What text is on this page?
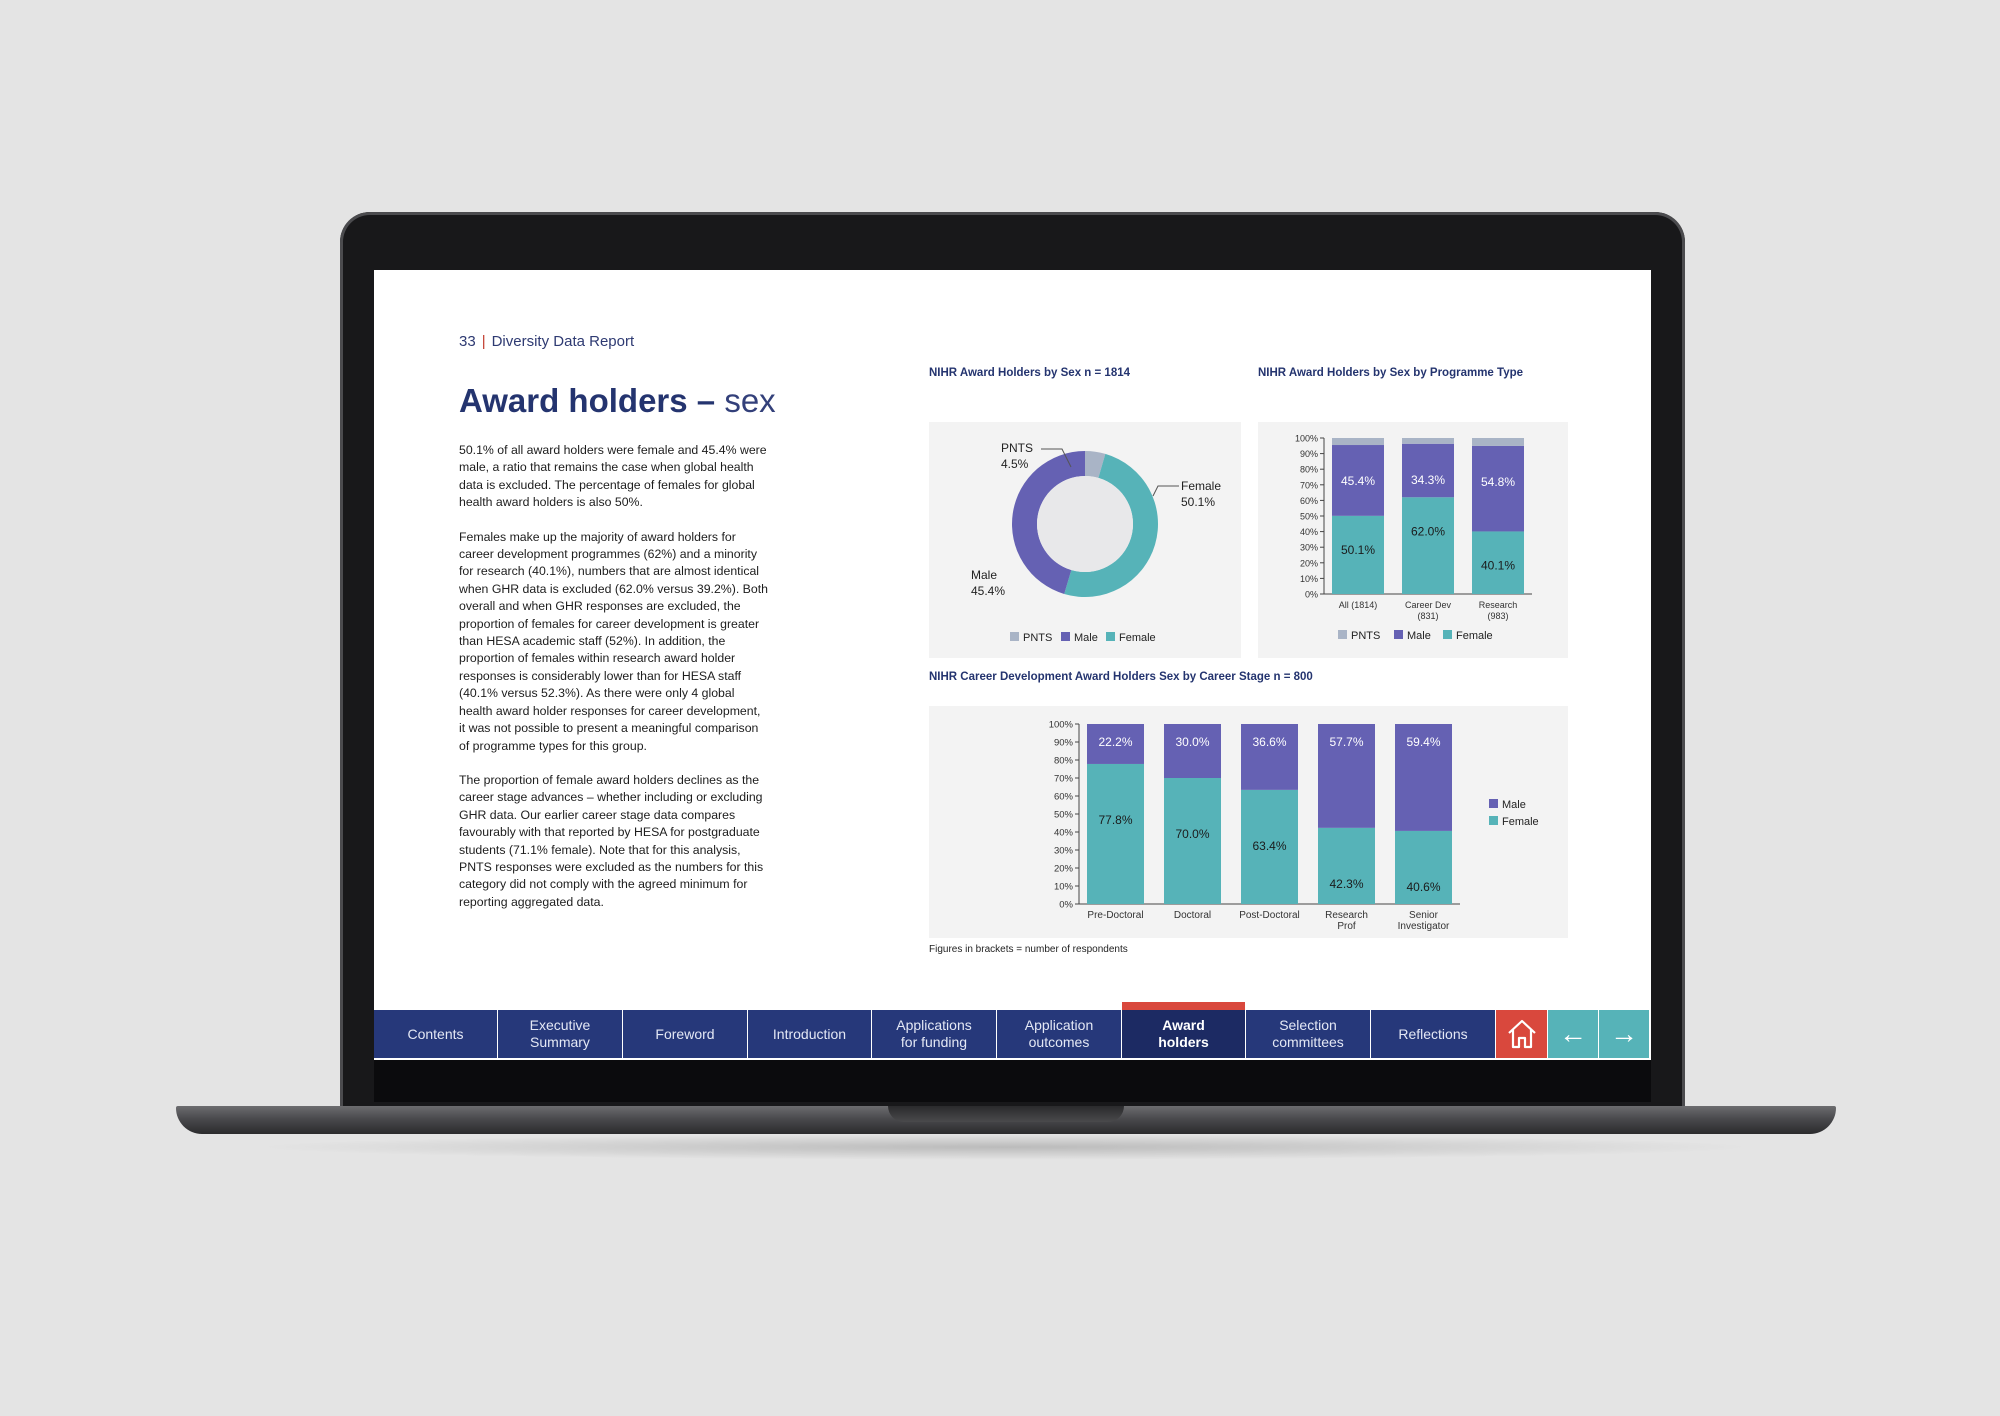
33 | Diversity Data Report
Award holders – sex

50.1% of all award holders were female and 45.4% were male, a ratio that remains the case when global health data is excluded. The percentage of females for global health award holders is also 50%.

Females make up the majority of award holders for career development programmes (62%) and a minority for research (40.1%), numbers that are almost identical when GHR data is excluded (62.0% versus 39.2%). Both overall and when GHR responses are excluded, the proportion of females for career development is greater than HESA academic staff (52%). In addition, the proportion of females within research award holder responses is considerably lower than for HESA staff (40.1% versus 52.3%). As there were only 4 global health award holder responses for career development, it was not possible to present a meaningful comparison of programme types for this group.

The proportion of female award holders declines as the career stage advances – whether including or excluding GHR data. Our earlier career stage data compares favourably with that reported by HESA for postgraduate students (71.1% female). Note that for this analysis, PNTS responses were excluded as the numbers for this category did not comply with the agreed minimum for reporting aggregated data.

NIHR Award Holders by Sex n = 1814
PNTS
4.5%
Female
50.1%
Male
45.4%
PNTS Male Female
NIHR Award Holders by Sex by Programme Type
0%
10%
20%
30%
40%
50%
60%
70%
80%
90%
100%
50.1%
45.4%
All (1814)
62.0%
34.3%
Career Dev
(831)
40.1%
54.8%
Research
(983)
PNTS Male Female
NIHR Career Development Award Holders Sex by Career Stage n = 800
0%
10%
20%
30%
40%
50%
60%
70%
80%
90%
100%
77.8%
22.2%
Pre-Doctoral
70.0%
30.0%
Doctoral
63.4%
36.6%
Post-Doctoral
42.3%
57.7%
Research
Prof
40.6%
59.4%
Senior
Investigator
Male
Female
Figures in brackets = number of respondents
Contents
Executive
Summary
Foreword	Introduction
Applications
for funding
Application
outcomes
Award
holders
Selection
committees
Reflections	← →
